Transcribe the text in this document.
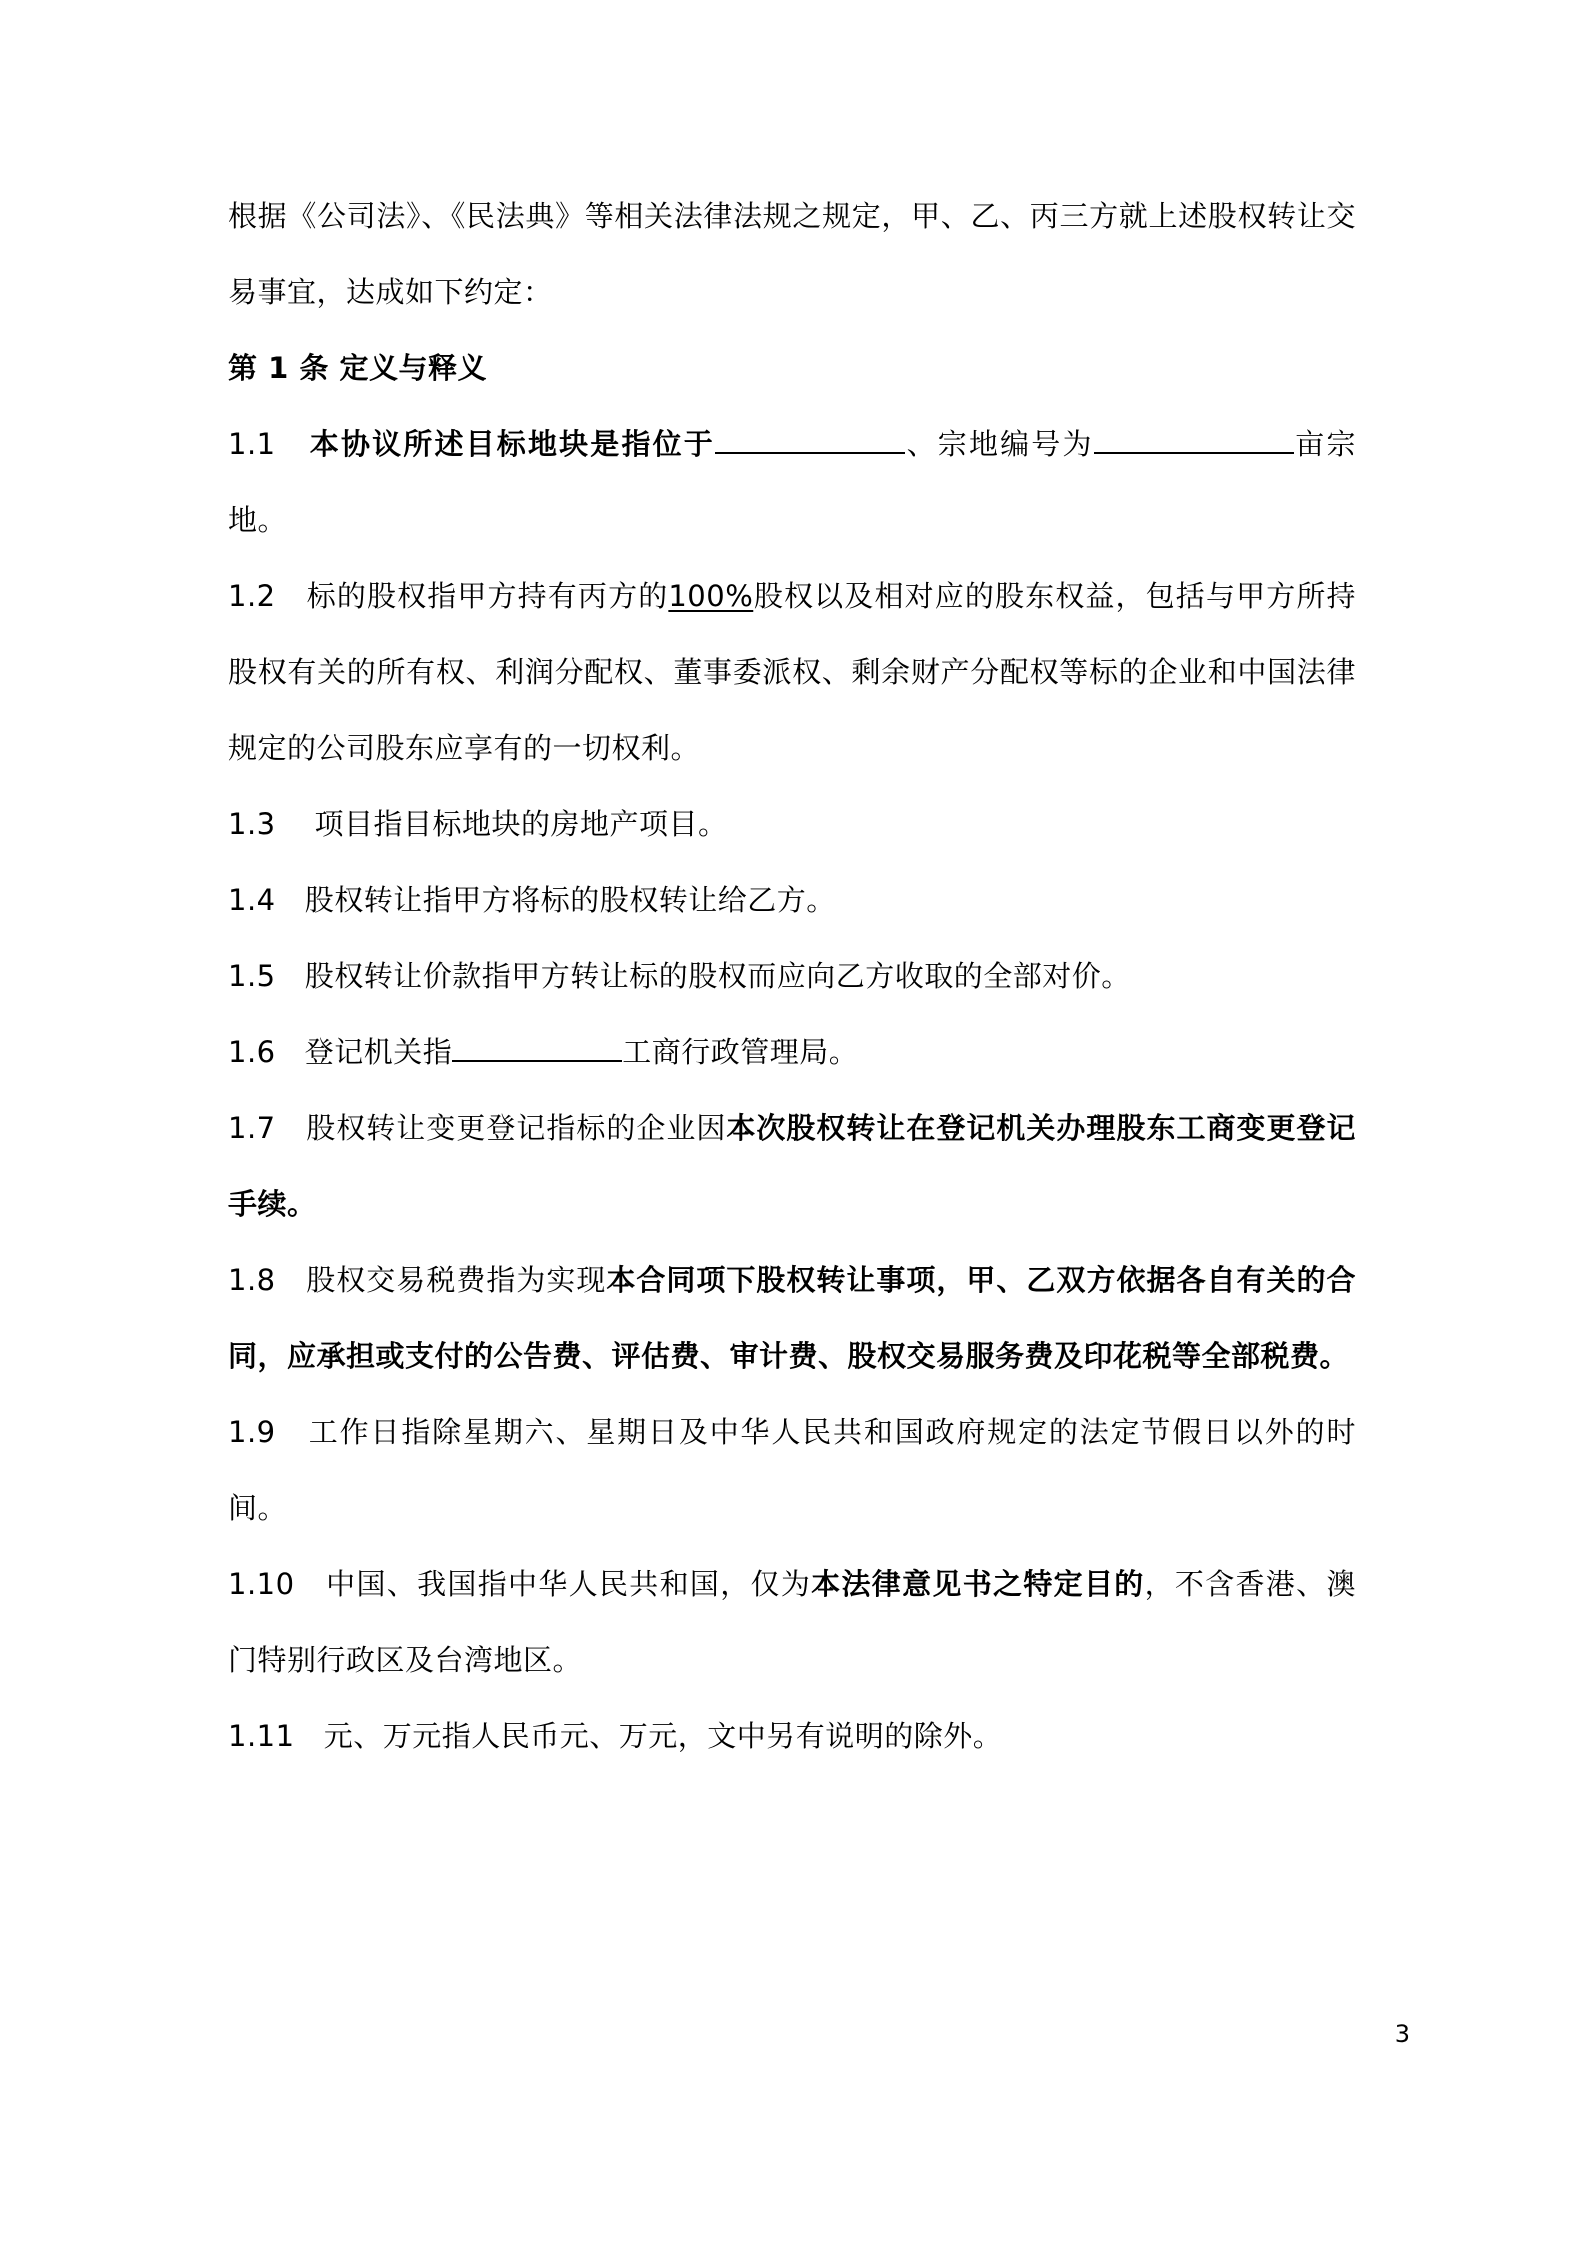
根据《公司法》、《民法典》等相关法律法规之规定，甲、乙、丙三方就上述股权转让交易事宜，达成如下约定：

第 1 条 定义与释义

1.1 本协议所述目标地块是指位于	、宗地编号为	亩宗地。

1.2 标的股权指甲方持有丙方的100%股权以及相对应的股东权益，包括与甲方所持股权有关的所有权、利润分配权、董事委派权、剩余财产分配权等标的企业和中国法律规定的公司股东应享有的一切权利。

1.3 项目指目标地块的房地产项目。

1.4 股权转让指甲方将标的股权转让给乙方。

1.5 股权转让价款指甲方转让标的股权而应向乙方收取的全部对价。

1.6 登记机关指	工商行政管理局。

1.7 股权转让变更登记指标的企业因本次股权转让在登记机关办理股东工商变更登记手续。

1.8 股权交易税费指为实现本合同项下股权转让事项，甲、乙双方依据各自有关的合同，应承担或支付的公告费、评估费、审计费、股权交易服务费及印花税等全部税费。

1.9 工作日指除星期六、星期日及中华人民共和国政府规定的法定节假日以外的时间。

1.10 中国、我国指中华人民共和国，仅为本法律意见书之特定目的，不含香港、澳门特别行政区及台湾地区。

1.11 元、万元指人民币元、万元，文中另有说明的除外。

3
